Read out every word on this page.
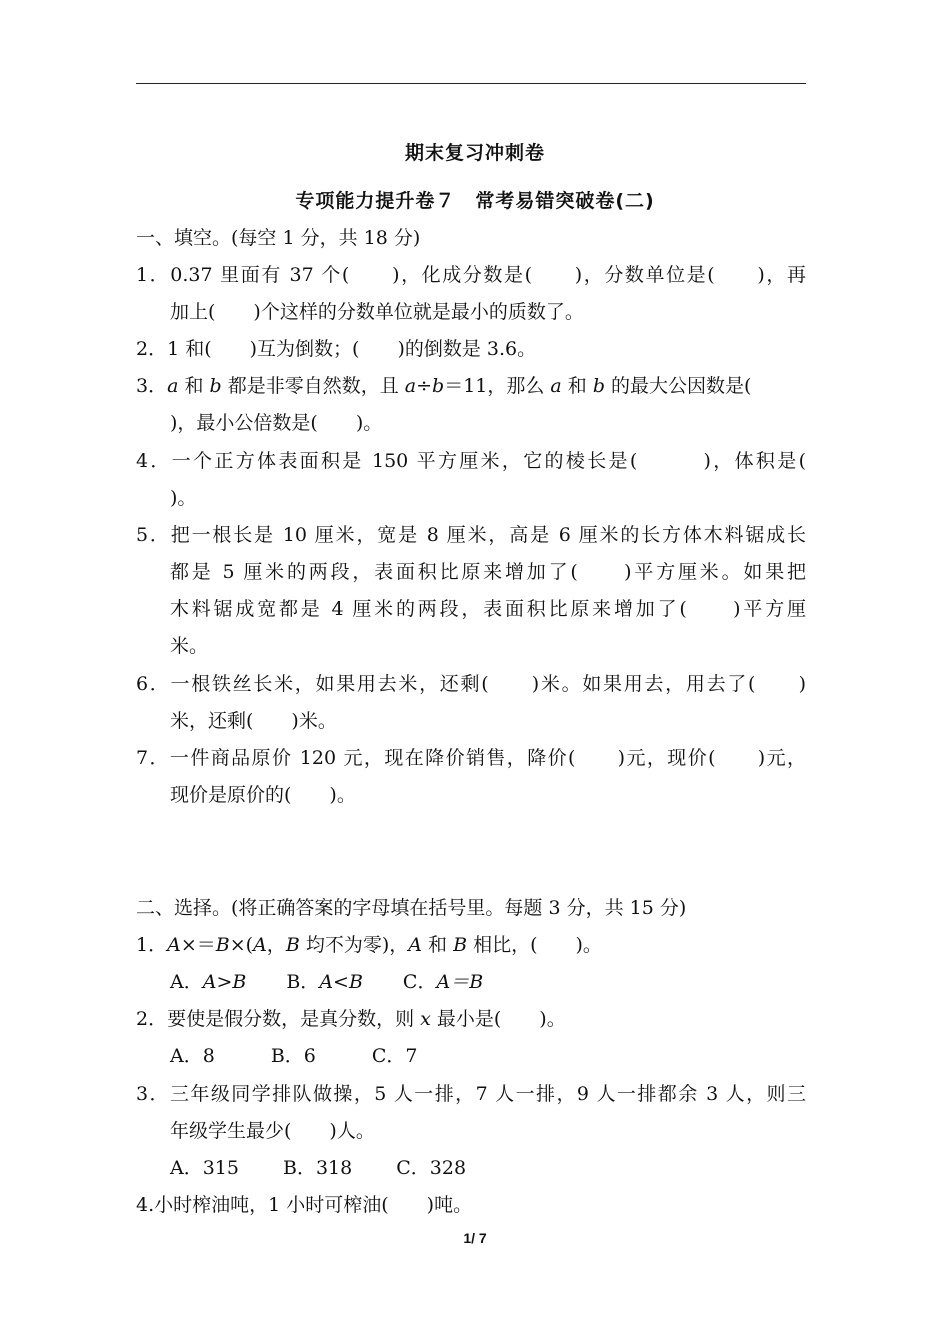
期末复习冲刺卷
专项能力提升卷７　常考易错突破卷(二)
一、填空。(每空 1 分，共 18 分)
1．0.37 里面有 37 个(　　)，化成分数是(　　)，分数单位是(　　)，再
加上(　　)个这样的分数单位就是最小的质数了。
2．1 和(　　)互为倒数；(　　)的倒数是 3.6。
3．a 和 b 都是非零自然数，且 a÷b＝11，那么 a 和 b 的最大公因数是(
)，最小公倍数是(　　)。
4．一个正方体表面积是 150 平方厘米，它的棱长是(　　　)，体积是(
)。
5．把一根长是 10 厘米，宽是 8 厘米，高是 6 厘米的长方体木料锯成长
都是 5 厘米的两段，表面积比原来增加了(　　)平方厘米。如果把
木料锯成宽都是 4 厘米的两段，表面积比原来增加了(　　)平方厘
米。
6．一根铁丝长米，如果用去米，还剩(　　)米。如果用去，用去了(　　)
米，还剩(　　)米。
7．一件商品原价 120 元，现在降价销售，降价(　　)元，现价(　　)元，
现价是原价的(　　)。
二、选择。(将正确答案的字母填在括号里。每题 3 分，共 15 分)
1．A×＝B×(A，B 均不为零)，A 和 B 相比，(　　)。
A．A>B B．A<B C．A＝B
2．要使是假分数，是真分数，则 x 最小是(　　)。
A．8	B．6	C．7
3．三年级同学排队做操，5 人一排，7 人一排，9 人一排都余 3 人，则三
年级学生最少(　　)人。
A．315 B．318 C．328
4.小时榨油吨，1 小时可榨油(　　)吨。
1/ 7
